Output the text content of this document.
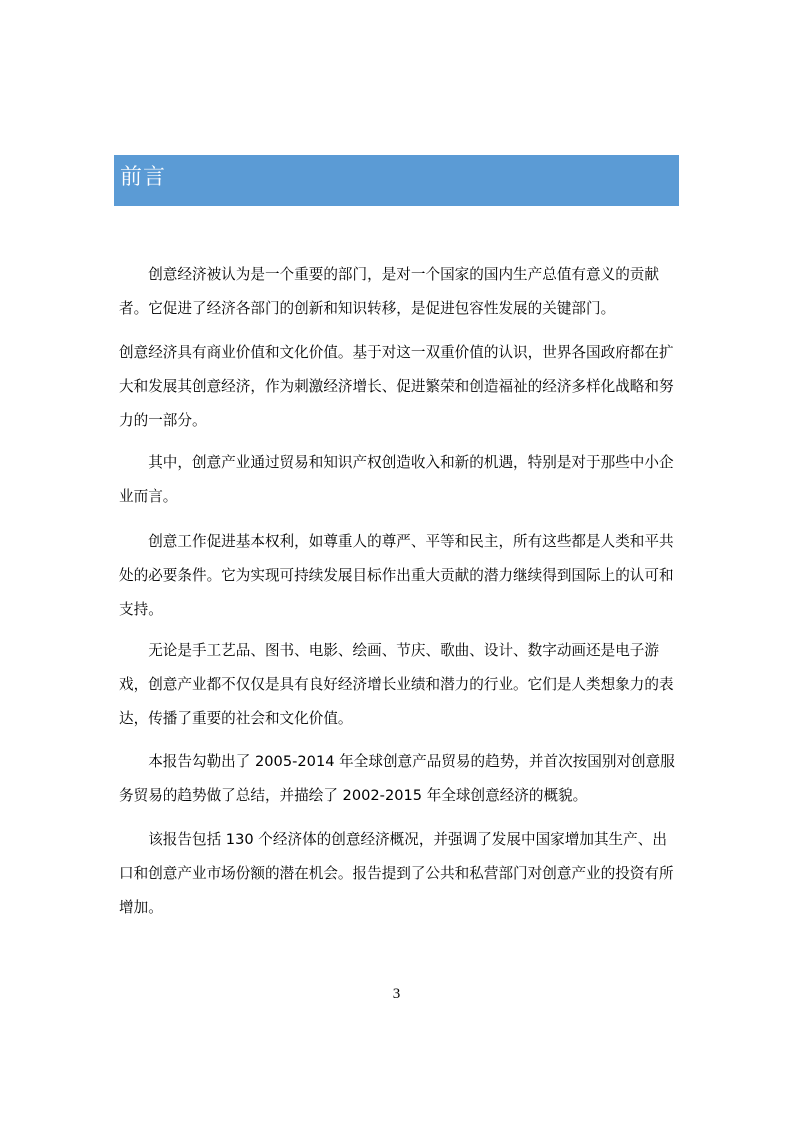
前言

　　创意经济被认为是一个重要的部门，是对一个国家的国内生产总值有意义的贡献者。它促进了经济各部门的创新和知识转移，是促进包容性发展的关键部门。

创意经济具有商业价值和文化价值。基于对这一双重价值的认识，世界各国政府都在扩大和发展其创意经济，作为刺激经济增长、促进繁荣和创造福祉的经济多样化战略和努力的一部分。

　　其中，创意产业通过贸易和知识产权创造收入和新的机遇，特别是对于那些中小企业而言。

　　创意工作促进基本权利，如尊重人的尊严、平等和民主，所有这些都是人类和平共处的必要条件。它为实现可持续发展目标作出重大贡献的潜力继续得到国际上的认可和支持。

　　无论是手工艺品、图书、电影、绘画、节庆、歌曲、设计、数字动画还是电子游戏，创意产业都不仅仅是具有良好经济增长业绩和潜力的行业。它们是人类想象力的表达，传播了重要的社会和文化价值。

　　本报告勾勒出了 2005-2014 年全球创意产品贸易的趋势，并首次按国别对创意服务贸易的趋势做了总结，并描绘了 2002-2015 年全球创意经济的概貌。

　　该报告包括 130 个经济体的创意经济概况，并强调了发展中国家增加其生产、出口和创意产业市场份额的潜在机会。报告提到了公共和私营部门对创意产业的投资有所增加。

3
